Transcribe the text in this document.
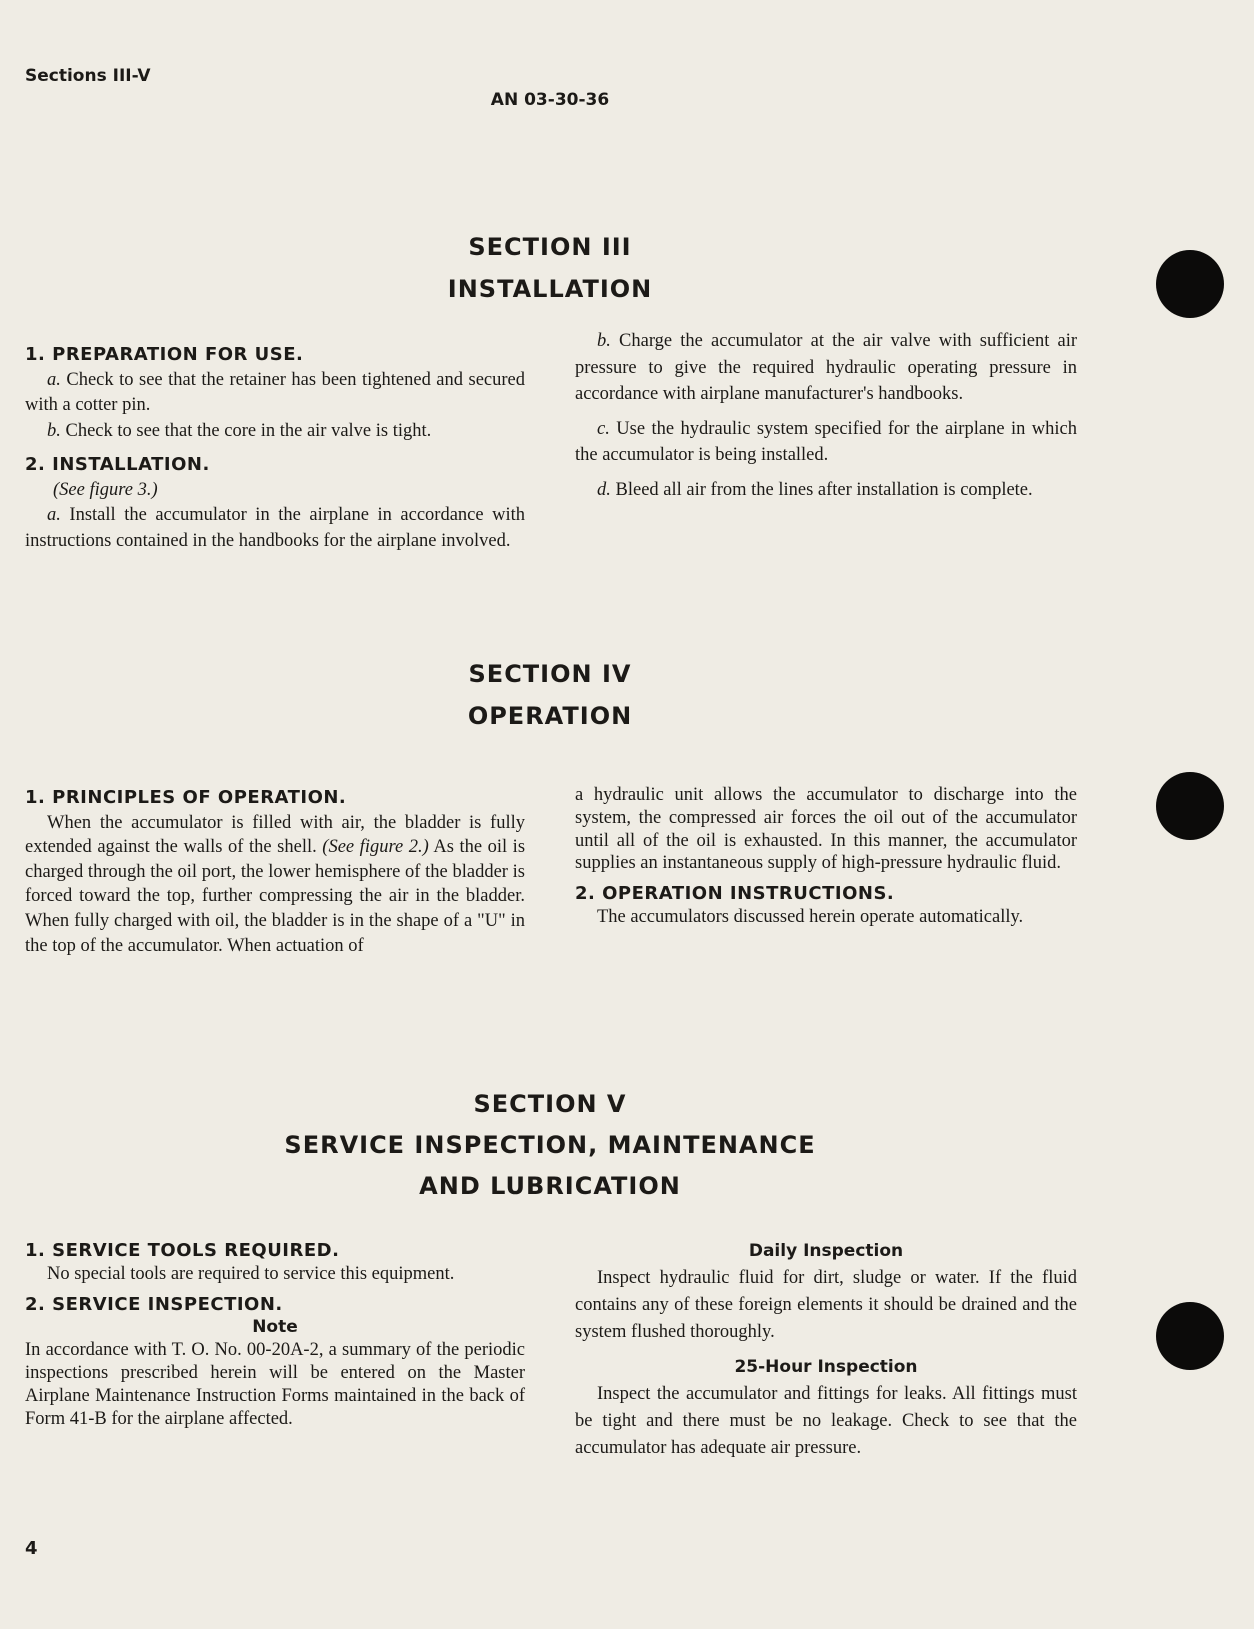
Sections III-V
AN 03-30-36
SECTION III
INSTALLATION

1. PREPARATION FOR USE.

a. Check to see that the retainer has been tightened and secured with a cotter pin.

b. Check to see that the core in the air valve is tight.

2. INSTALLATION.

(See figure 3.)

a. Install the accumulator in the airplane in accordance with instructions contained in the handbooks for the airplane involved.

b. Charge the accumulator at the air valve with sufficient air pressure to give the required hydraulic operating pressure in accordance with airplane manufacturer's handbooks.

c. Use the hydraulic system specified for the airplane in which the accumulator is being installed.

d. Bleed all air from the lines after installation is complete.

SECTION IV
OPERATION

1. PRINCIPLES OF OPERATION.

When the accumulator is filled with air, the bladder is fully extended against the walls of the shell. (See figure 2.) As the oil is charged through the oil port, the lower hemisphere of the bladder is forced toward the top, further compressing the air in the bladder. When fully charged with oil, the bladder is in the shape of a "U" in the top of the accumulator. When actuation of

a hydraulic unit allows the accumulator to discharge into the system, the compressed air forces the oil out of the accumulator until all of the oil is exhausted. In this manner, the accumulator supplies an instantaneous supply of high-pressure hydraulic fluid.

2. OPERATION INSTRUCTIONS.

The accumulators discussed herein operate automatically.

SECTION V
SERVICE INSPECTION, MAINTENANCE
AND LUBRICATION

1. SERVICE TOOLS REQUIRED.

No special tools are required to service this equipment.

2. SERVICE INSPECTION.

Note

In accordance with T. O. No. 00-20A-2, a summary of the periodic inspections prescribed herein will be entered on the Master Airplane Maintenance Instruction Forms maintained in the back of Form 41-B for the airplane affected.

Daily Inspection

Inspect hydraulic fluid for dirt, sludge or water. If the fluid contains any of these foreign elements it should be drained and the system flushed thoroughly.

25-Hour Inspection

Inspect the accumulator and fittings for leaks. All fittings must be tight and there must be no leakage. Check to see that the accumulator has adequate air pressure.

4
